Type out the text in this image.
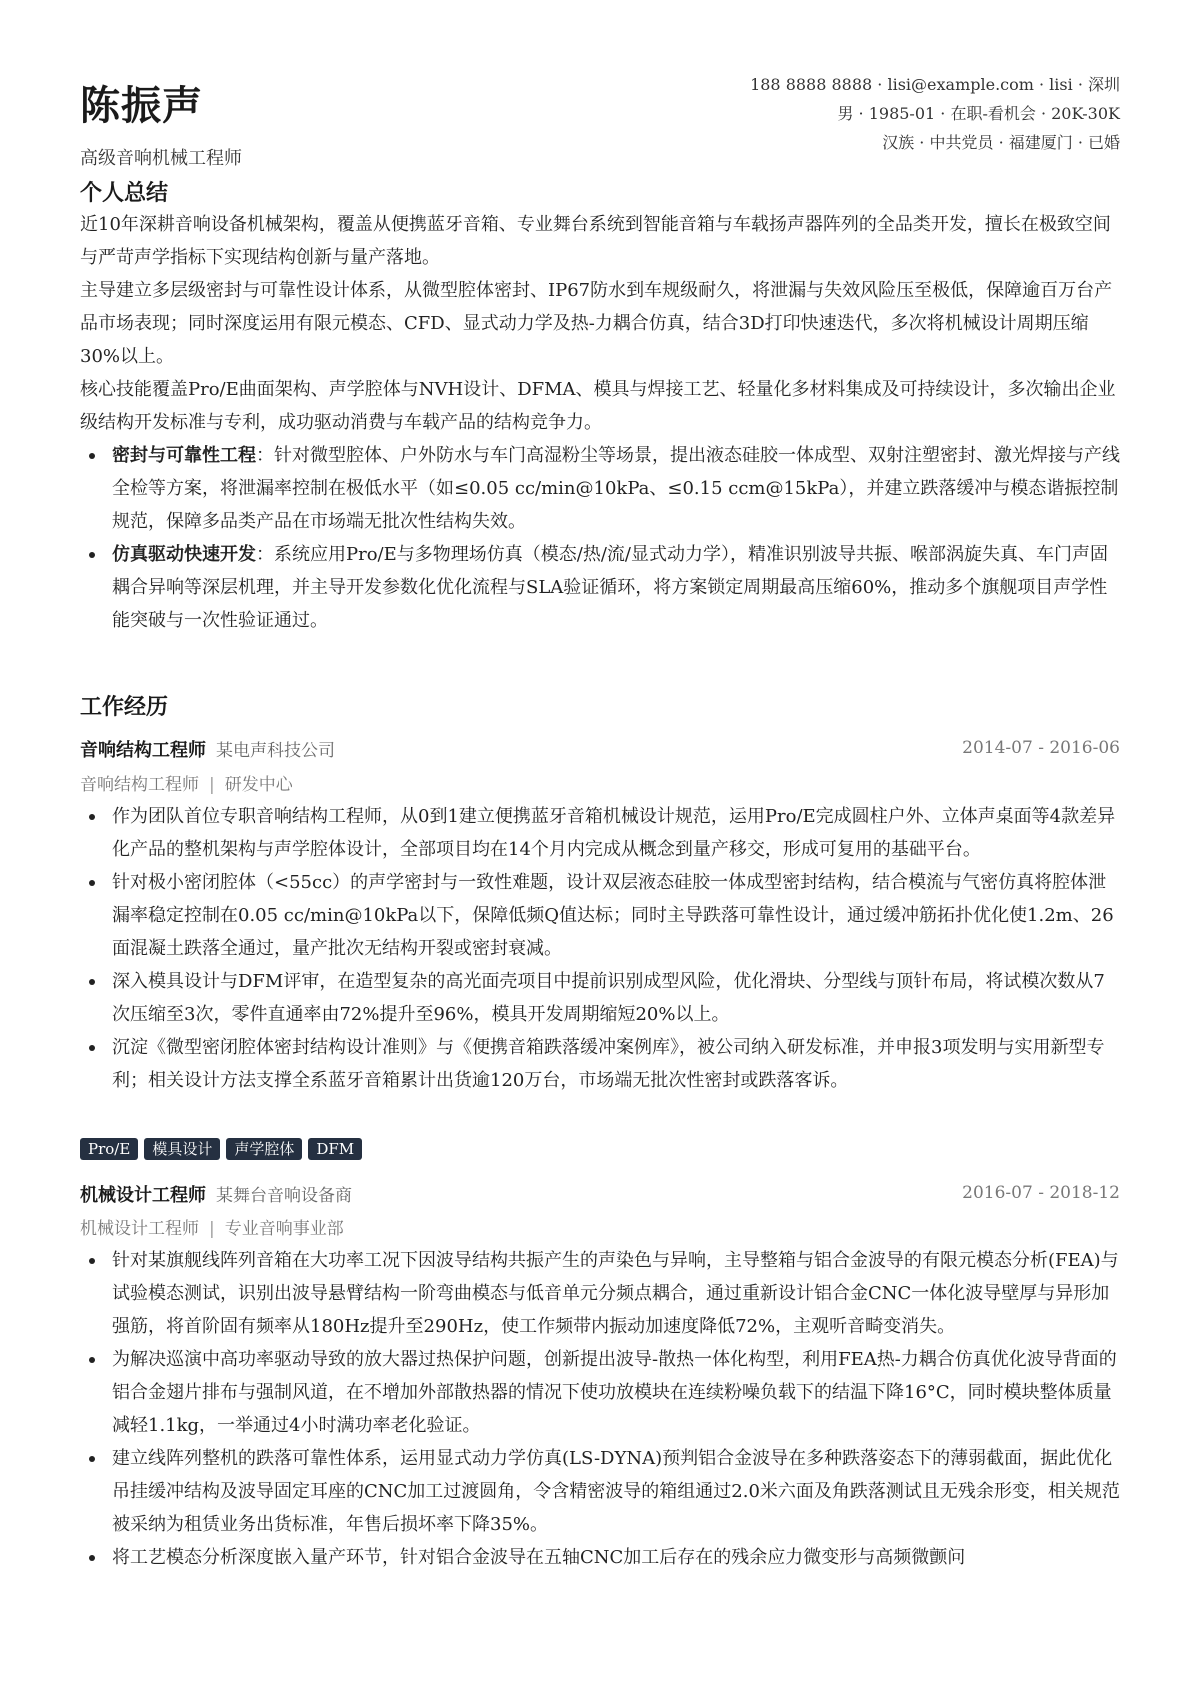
陈振声
高级音响机械工程师
188 8888 8888 · lisi@example.com · lisi · 深圳
男 · 1985-01 · 在职-看机会 · 20K-30K
汉族 · 中共党员 · 福建厦门 · 已婚
个人总结

近10年深耕音响设备机械架构，覆盖从便携蓝牙音箱、专业舞台系统到智能音箱与车载扬声器阵列的全品类开发，擅长在极致空间与严苛声学指标下实现结构创新与量产落地。

主导建立多层级密封与可靠性设计体系，从微型腔体密封、IP67防水到车规级耐久，将泄漏与失效风险压至极低，保障逾百万台产品市场表现；同时深度运用有限元模态、CFD、显式动力学及热-力耦合仿真，结合3D打印快速迭代，多次将机械设计周期压缩30%以上。

核心技能覆盖Pro/E曲面架构、声学腔体与NVH设计、DFMA、模具与焊接工艺、轻量化多材料集成及可持续设计，多次输出企业级结构开发标准与专利，成功驱动消费与车载产品的结构竞争力。

密封与可靠性工程：针对微型腔体、户外防水与车门高湿粉尘等场景，提出液态硅胶一体成型、双射注塑密封、激光焊接与产线全检等方案，将泄漏率控制在极低水平（如≤0.05 cc/min@10kPa、≤0.15 ccm@15kPa），并建立跌落缓冲与模态谐振控制规范，保障多品类产品在市场端无批次性结构失效。
仿真驱动快速开发：系统应用Pro/E与多物理场仿真（模态/热/流/显式动力学），精准识别波导共振、喉部涡旋失真、车门声固耦合异响等深层机理，并主导开发参数化优化流程与SLA验证循环，将方案锁定周期最高压缩60%，推动多个旗舰项目声学性能突破与一次性验证通过。
工作经历
音响结构工程师 某电声科技公司	2014-07 - 2016-06
音响结构工程师 | 研发中心
作为团队首位专职音响结构工程师，从0到1建立便携蓝牙音箱机械设计规范，运用Pro/E完成圆柱户外、立体声桌面等4款差异化产品的整机架构与声学腔体设计，全部项目均在14个月内完成从概念到量产移交，形成可复用的基础平台。
针对极小密闭腔体（<55cc）的声学密封与一致性难题，设计双层液态硅胶一体成型密封结构，结合模流与气密仿真将腔体泄漏率稳定控制在0.05 cc/min@10kPa以下，保障低频Q值达标；同时主导跌落可靠性设计，通过缓冲筋拓扑优化使1.2m、26面混凝土跌落全通过，量产批次无结构开裂或密封衰减。
深入模具设计与DFM评审，在造型复杂的高光面壳项目中提前识别成型风险，优化滑块、分型线与顶针布局，将试模次数从7次压缩至3次，零件直通率由72%提升至96%，模具开发周期缩短20%以上。
沉淀《微型密闭腔体密封结构设计准则》与《便携音箱跌落缓冲案例库》，被公司纳入研发标准，并申报3项发明与实用新型专利；相关设计方法支撑全系蓝牙音箱累计出货逾120万台，市场端无批次性密封或跌落客诉。
Pro/E	模具设计	声学腔体	DFM
机械设计工程师 某舞台音响设备商	2016-07 - 2018-12
机械设计工程师 | 专业音响事业部
针对某旗舰线阵列音箱在大功率工况下因波导结构共振产生的声染色与异响，主导整箱与铝合金波导的有限元模态分析(FEA)与试验模态测试，识别出波导悬臂结构一阶弯曲模态与低音单元分频点耦合，通过重新设计铝合金CNC一体化波导壁厚与异形加强筋，将首阶固有频率从180Hz提升至290Hz，使工作频带内振动加速度降低72%，主观听音畸变消失。
为解决巡演中高功率驱动导致的放大器过热保护问题，创新提出波导-散热一体化构型，利用FEA热-力耦合仿真优化波导背面的铝合金翅片排布与强制风道，在不增加外部散热器的情况下使功放模块在连续粉噪负载下的结温下降16°C，同时模块整体质量减轻1.1kg，一举通过4小时满功率老化验证。
建立线阵列整机的跌落可靠性体系，运用显式动力学仿真(LS-DYNA)预判铝合金波导在多种跌落姿态下的薄弱截面，据此优化吊挂缓冲结构及波导固定耳座的CNC加工过渡圆角，令含精密波导的箱组通过2.0米六面及角跌落测试且无残余形变，相关规范被采纳为租赁业务出货标准，年售后损坏率下降35%。
将工艺模态分析深度嵌入量产环节，针对铝合金波导在五轴CNC加工后存在的残余应力微变形与高频微颤问
